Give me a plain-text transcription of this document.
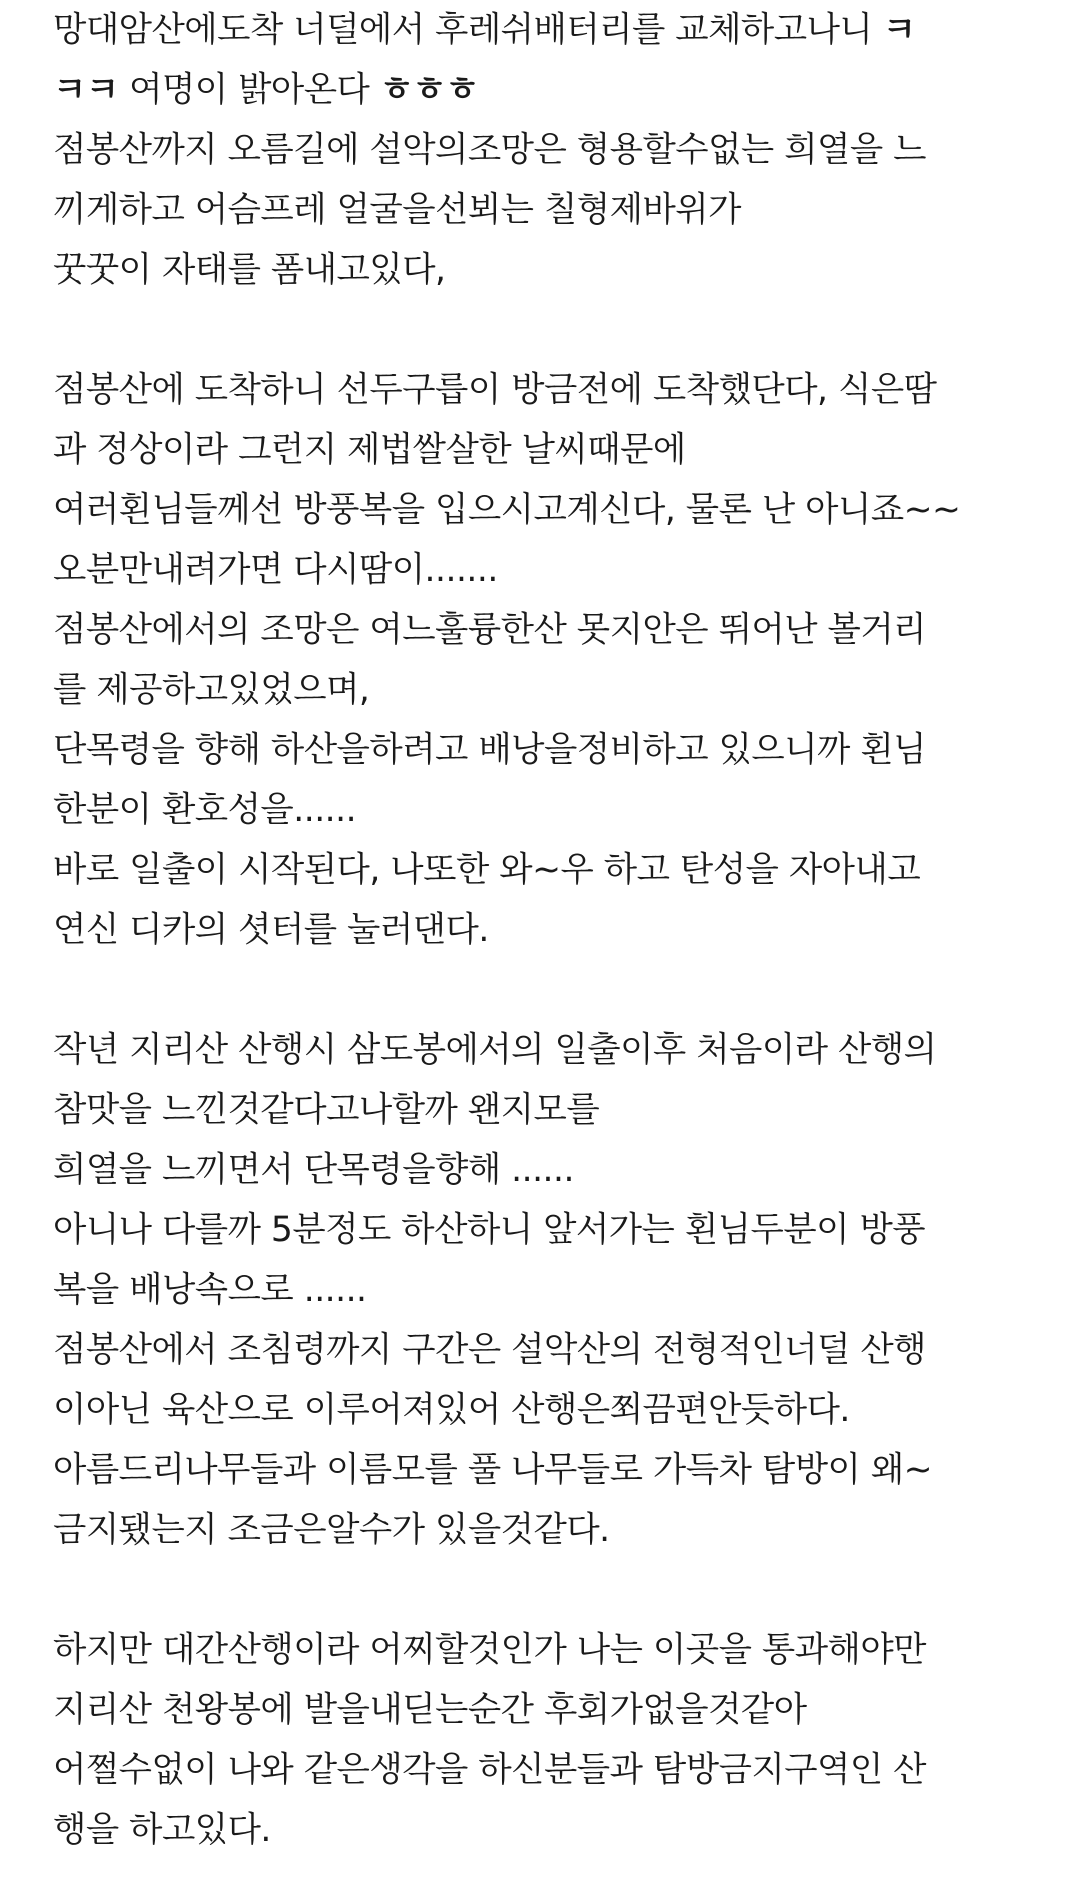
망대암산에도착 너덜에서 후레쉬배터리를 교체하고나니 ㅋ
ㅋㅋ 여명이 밝아온다 ㅎㅎㅎ
점봉산까지 오름길에 설악의조망은 형용할수없는 희열을 느
끼게하고 어슴프레 얼굴을선뵈는 칠형제바위가
꿋꿋이 자태를 폼내고있다,
점봉산에 도착하니 선두구릅이 방금전에 도착했단다, 식은땀
과 정상이라 그런지 제법쌀살한 날씨때문에
여러횐님들께선 방풍복을 입으시고계신다, 물론 난 아니죠~~
오분만내려가면 다시땀이.......
점봉산에서의 조망은 여느훌륭한산 못지안은 뛰어난 볼거리
를 제공하고있었으며,
단목령을 향해 하산을하려고 배낭을정비하고 있으니까 횐님
한분이 환호성을......
바로 일출이 시작된다, 나또한 와~우 하고 탄성을 자아내고
연신 디카의 셧터를 눌러댄다.
작년 지리산 산행시 삼도봉에서의 일출이후 처음이라 산행의
참맛을 느낀것같다고나할까 왠지모를
희열을 느끼면서 단목령을향해 ......
아니나 다를까 5분정도 하산하니 앞서가는 횐님두분이 방풍
복을 배낭속으로 ......
점봉산에서 조침령까지 구간은 설악산의 전형적인너덜 산행
이아닌 육산으로 이루어져있어 산행은쬐끔편안듯하다.
아름드리나무들과 이름모를 풀 나무들로 가득차 탐방이 왜~
금지됐는지 조금은알수가 있을것같다.
하지만 대간산행이라 어찌할것인가 나는 이곳을 통과해야만
지리산 천왕봉에 발을내딛는순간 후회가없을것같아
어쩔수없이 나와 같은생각을 하신분들과 탐방금지구역인 산
행을 하고있다.
